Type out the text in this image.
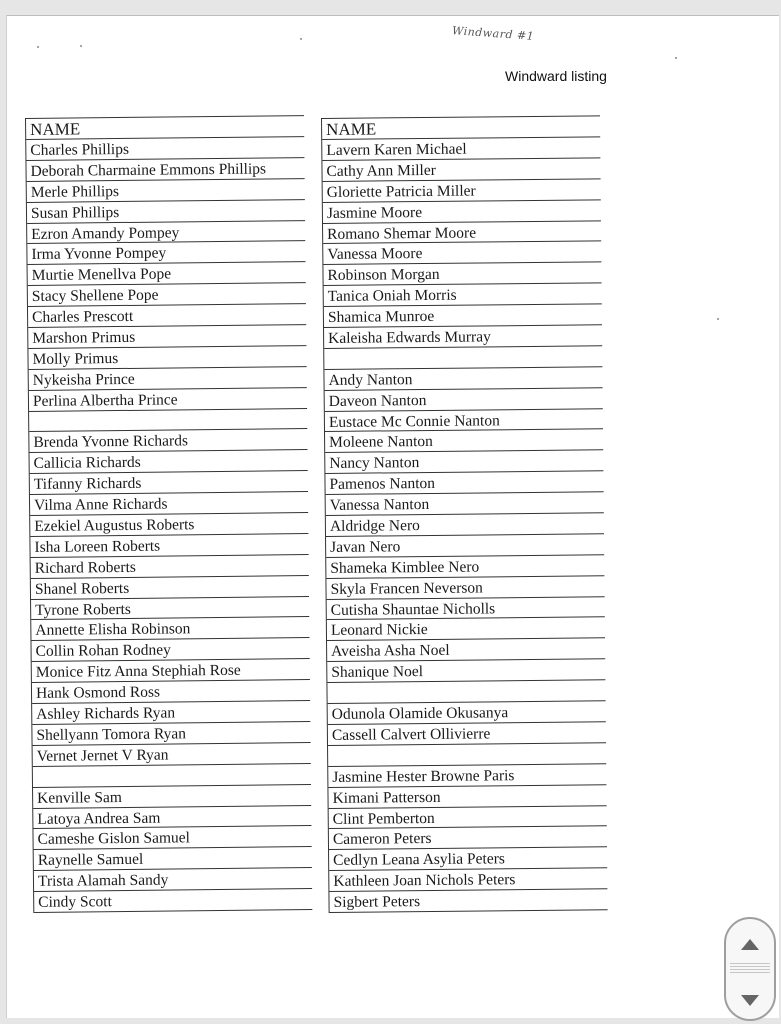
Windward #1
Windward listing
NAME
Charles Phillips
Deborah Charmaine Emmons Phillips
Merle Phillips
Susan Phillips
Ezron Amandy Pompey
Irma Yvonne Pompey
Murtie Menellva Pope
Stacy Shellene Pope
Charles Prescott
Marshon Primus
Molly Primus
Nykeisha Prince
Perlina Albertha Prince
Brenda Yvonne Richards
Callicia Richards
Tifanny Richards
Vilma Anne Richards
Ezekiel Augustus Roberts
Isha Loreen Roberts
Richard Roberts
Shanel Roberts
Tyrone Roberts
Annette Elisha Robinson
Collin Rohan Rodney
Monice Fitz Anna Stephiah Rose
Hank Osmond Ross
Ashley Richards Ryan
Shellyann Tomora Ryan
Vernet Jernet V Ryan
Kenville Sam
Latoya Andrea Sam
Cameshe Gislon Samuel
Raynelle Samuel
Trista Alamah Sandy
Cindy Scott
NAME
Lavern Karen Michael
Cathy Ann Miller
Gloriette Patricia Miller
Jasmine Moore
Romano Shemar Moore
Vanessa Moore
Robinson Morgan
Tanica Oniah Morris
Shamica Munroe
Kaleisha Edwards Murray
Andy Nanton
Daveon Nanton
Eustace Mc Connie Nanton
Moleene Nanton
Nancy Nanton
Pamenos Nanton
Vanessa Nanton
Aldridge Nero
Javan Nero
Shameka Kimblee Nero
Skyla Francen Neverson
Cutisha Shauntae Nicholls
Leonard Nickie
Aveisha Asha Noel
Shanique Noel
Odunola Olamide Okusanya
Cassell Calvert Ollivierre
Jasmine Hester Browne Paris
Kimani Patterson
Clint Pemberton
Cameron Peters
Cedlyn Leana Asylia Peters
Kathleen Joan Nichols Peters
Sigbert Peters
